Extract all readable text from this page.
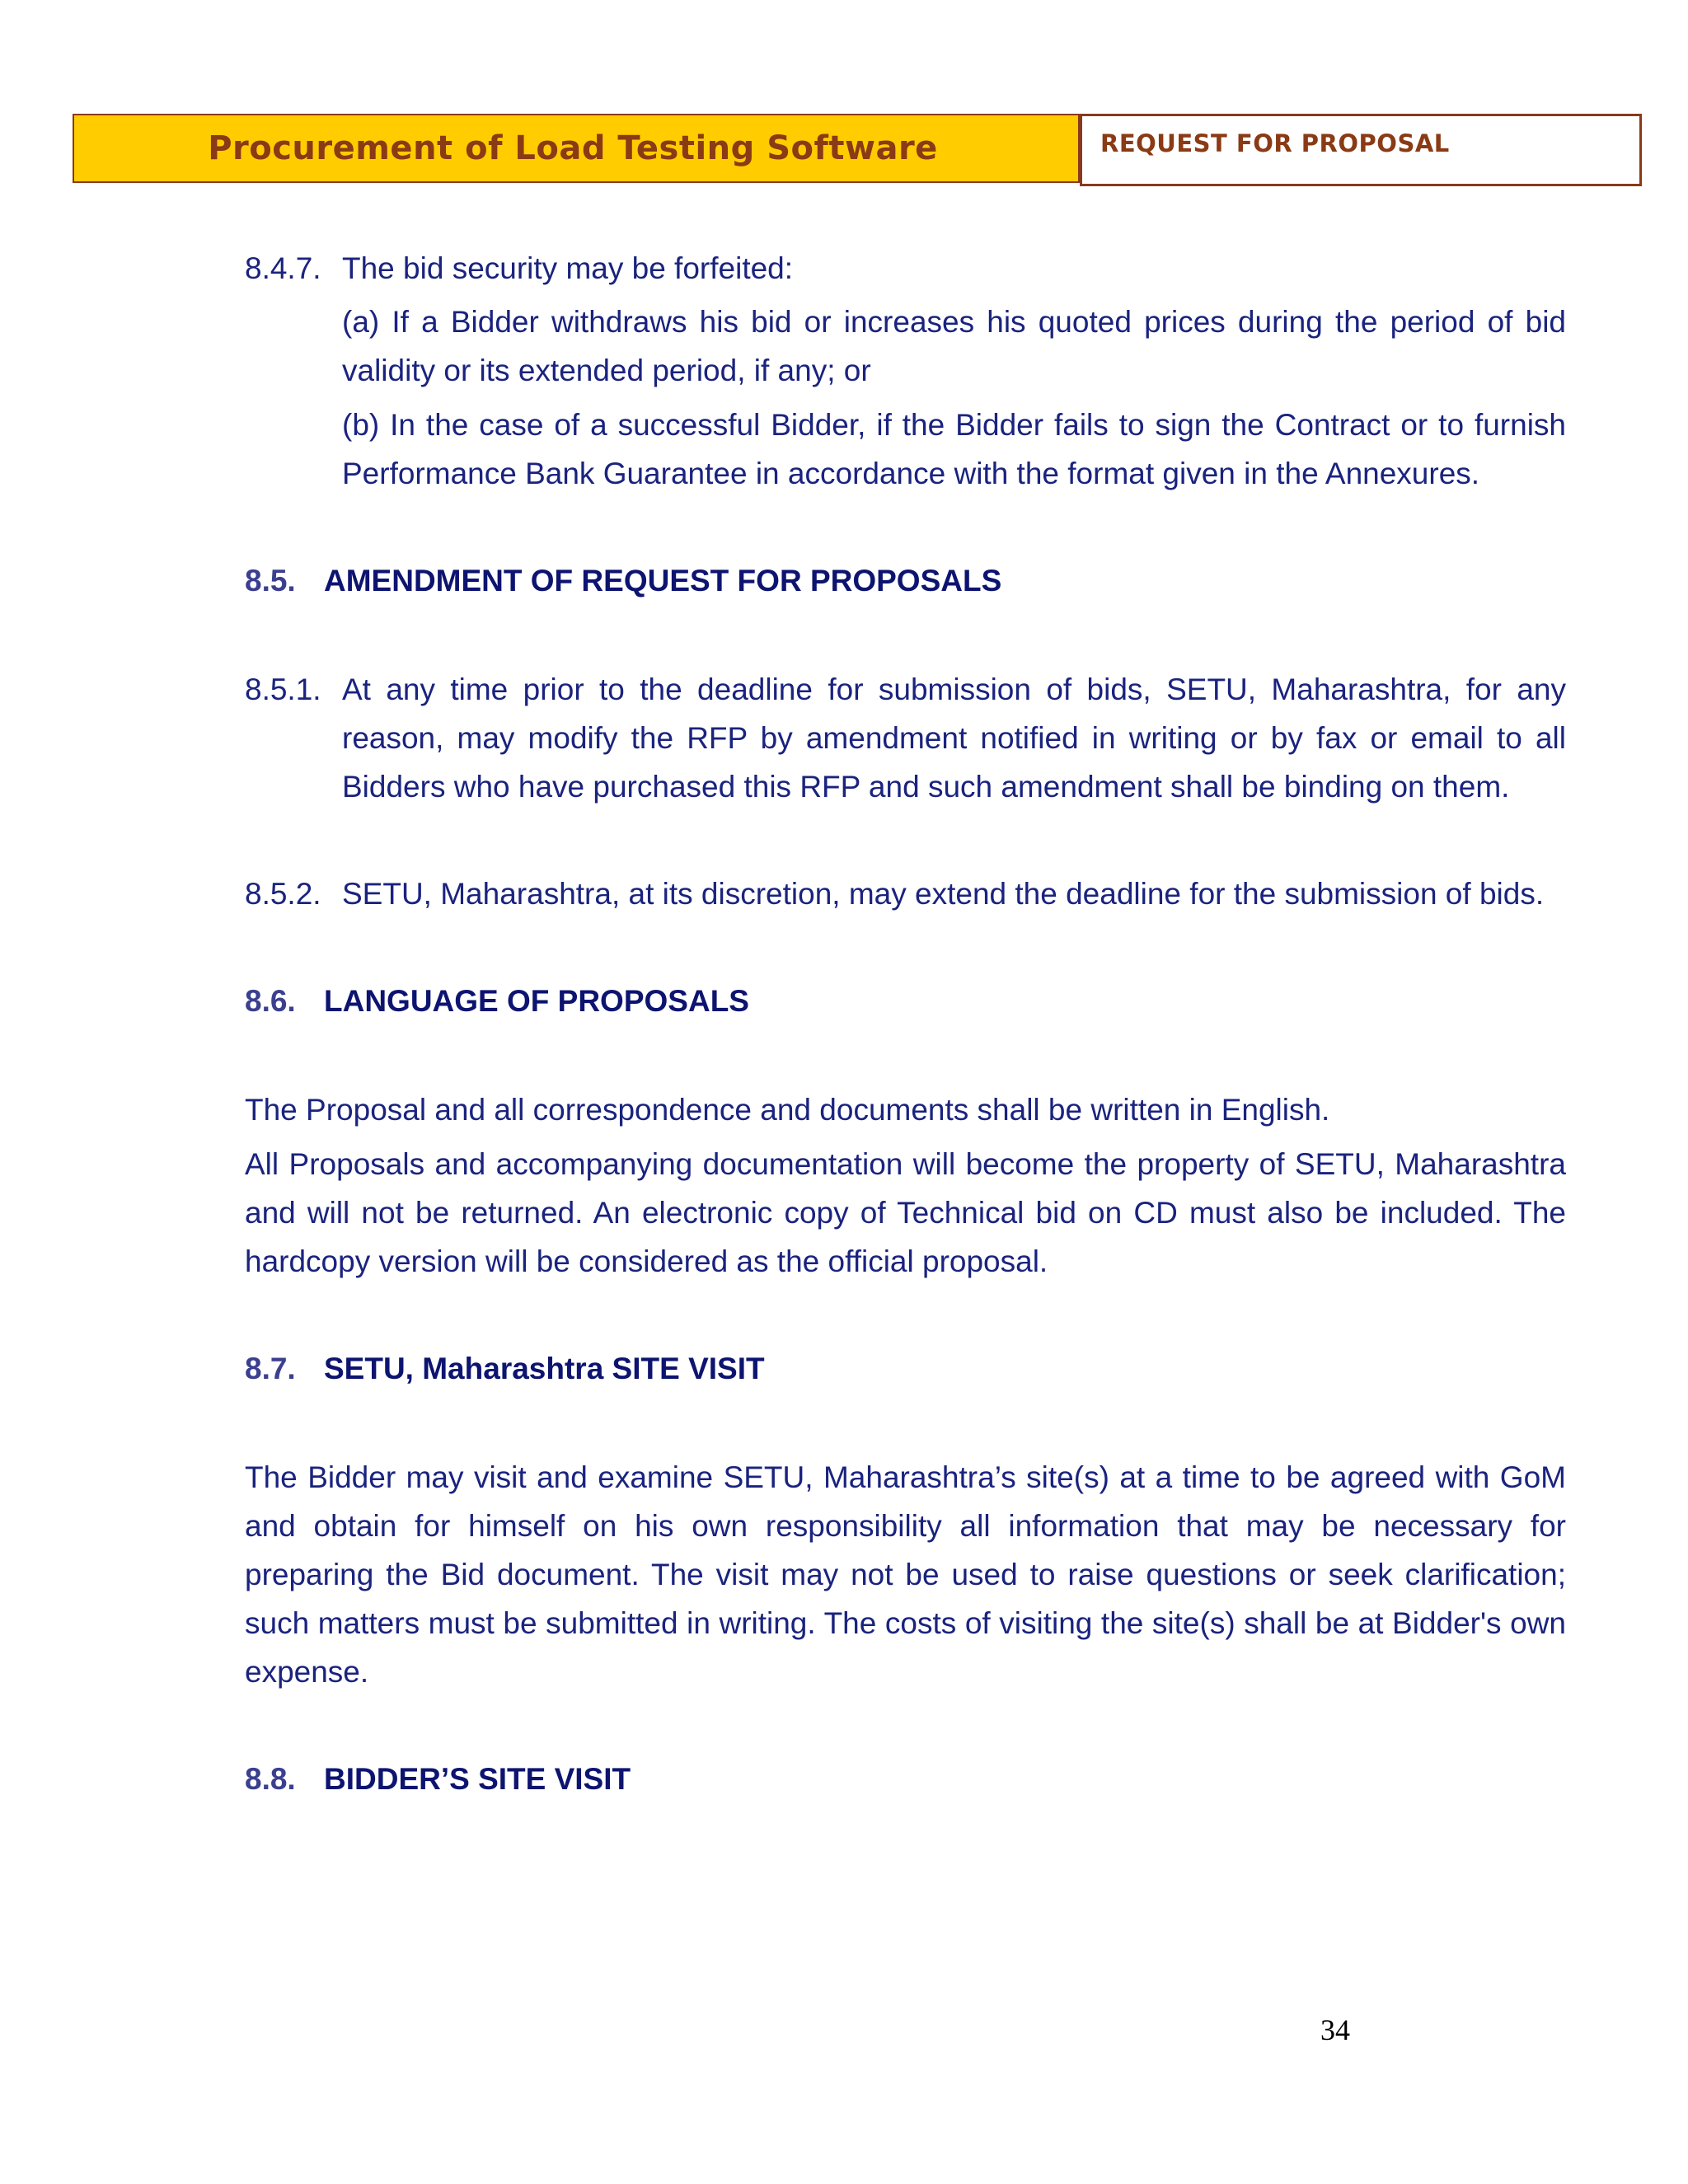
Procurement of Load Testing Software	REQUEST FOR PROPOSAL
8.4.7. The bid security may be forfeited:

(a) If a Bidder withdraws his bid or increases his quoted prices during the period of bid validity or its extended period, if any; or

(b) In the case of a successful Bidder, if the Bidder fails to sign the Contract or to furnish Performance Bank Guarantee in accordance with the format given in the Annexures.

8.5. AMENDMENT OF REQUEST FOR PROPOSALS
8.5.1. At any time prior to the deadline for submission of bids, SETU, Maharashtra, for any reason, may modify the RFP by amendment notified in writing or by fax or email to all Bidders who have purchased this RFP and such amendment shall be binding on them.
8.5.2. SETU, Maharashtra, at its discretion, may extend the deadline for the submission of bids.
8.6. LANGUAGE OF PROPOSALS

The Proposal and all correspondence and documents shall be written in English.

All Proposals and accompanying documentation will become the property of SETU, Maharashtra and will not be returned. An electronic copy of Technical bid on CD must also be included. The hardcopy version will be considered as the official proposal.

8.7. SETU, Maharashtra SITE VISIT

The Bidder may visit and examine SETU, Maharashtra’s site(s) at a time to be agreed with GoM and obtain for himself on his own responsibility all information that may be necessary for preparing the Bid document. The visit may not be used to raise questions or seek clarification; such matters must be submitted in writing. The costs of visiting the site(s) shall be at Bidder's own expense.

8.8. BIDDER’S SITE VISIT
34
